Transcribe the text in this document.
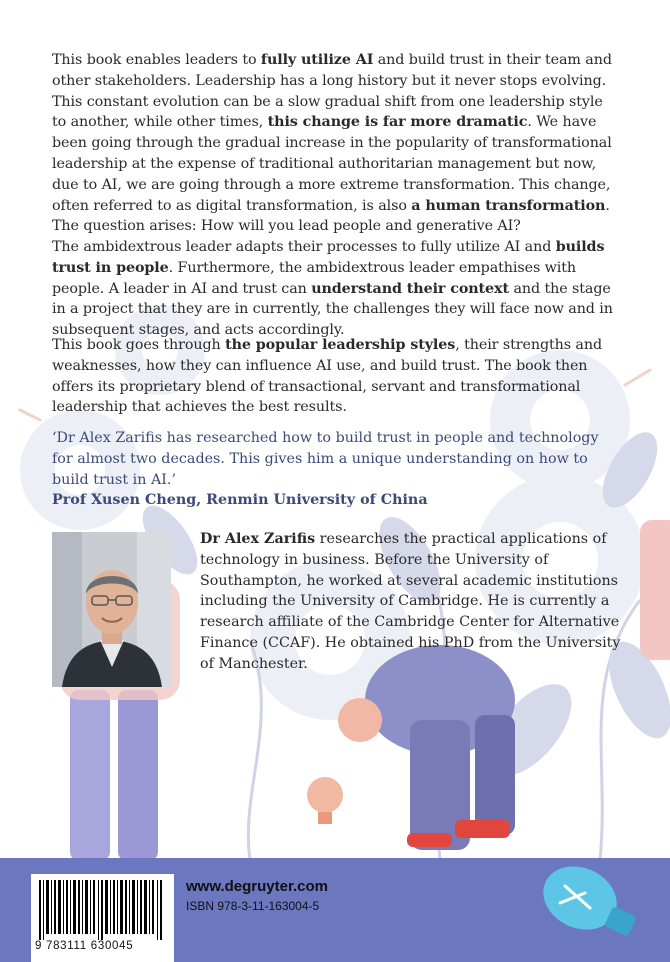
This book enables leaders to fully utilize AI and build trust in their team and other stakeholders. Leadership has a long history but it never stops evolving. This constant evolution can be a slow gradual shift from one leadership style to another, while other times, this change is far more dramatic. We have been going through the gradual increase in the popularity of transformational leadership at the expense of traditional authoritarian management but now, due to AI, we are going through a more extreme transformation. This change, often referred to as digital transformation, is also a human transformation. The question arises: How will you lead people and generative AI?

The ambidextrous leader adapts their processes to fully utilize AI and builds trust in people. Furthermore, the ambidextrous leader empathises with people. A leader in AI and trust can understand their context and the stage in a project that they are in currently, the challenges they will face now and in subsequent stages, and acts accordingly.

This book goes through the popular leadership styles, their strengths and weaknesses, how they can influence AI use, and build trust. The book then offers its proprietary blend of transactional, servant and transformational leadership that achieves the best results.

‘Dr Alex Zarifis has researched how to build trust in people and technology for almost two decades. This gives him a unique understanding on how to build trust in AI.’
Prof Xusen Cheng, Renmin University of China
Dr Alex Zarifis researches the practical applications of technology in business. Before the University of Southampton, he worked at several academic institutions including the University of Cambridge. He is currently a research affiliate of the Cambridge Center for Alternative Finance (CCAF). He obtained his PhD from the University of Manchester.
9 783111 630045
www.degruyter.com
ISBN 978-3-11-163004-5
